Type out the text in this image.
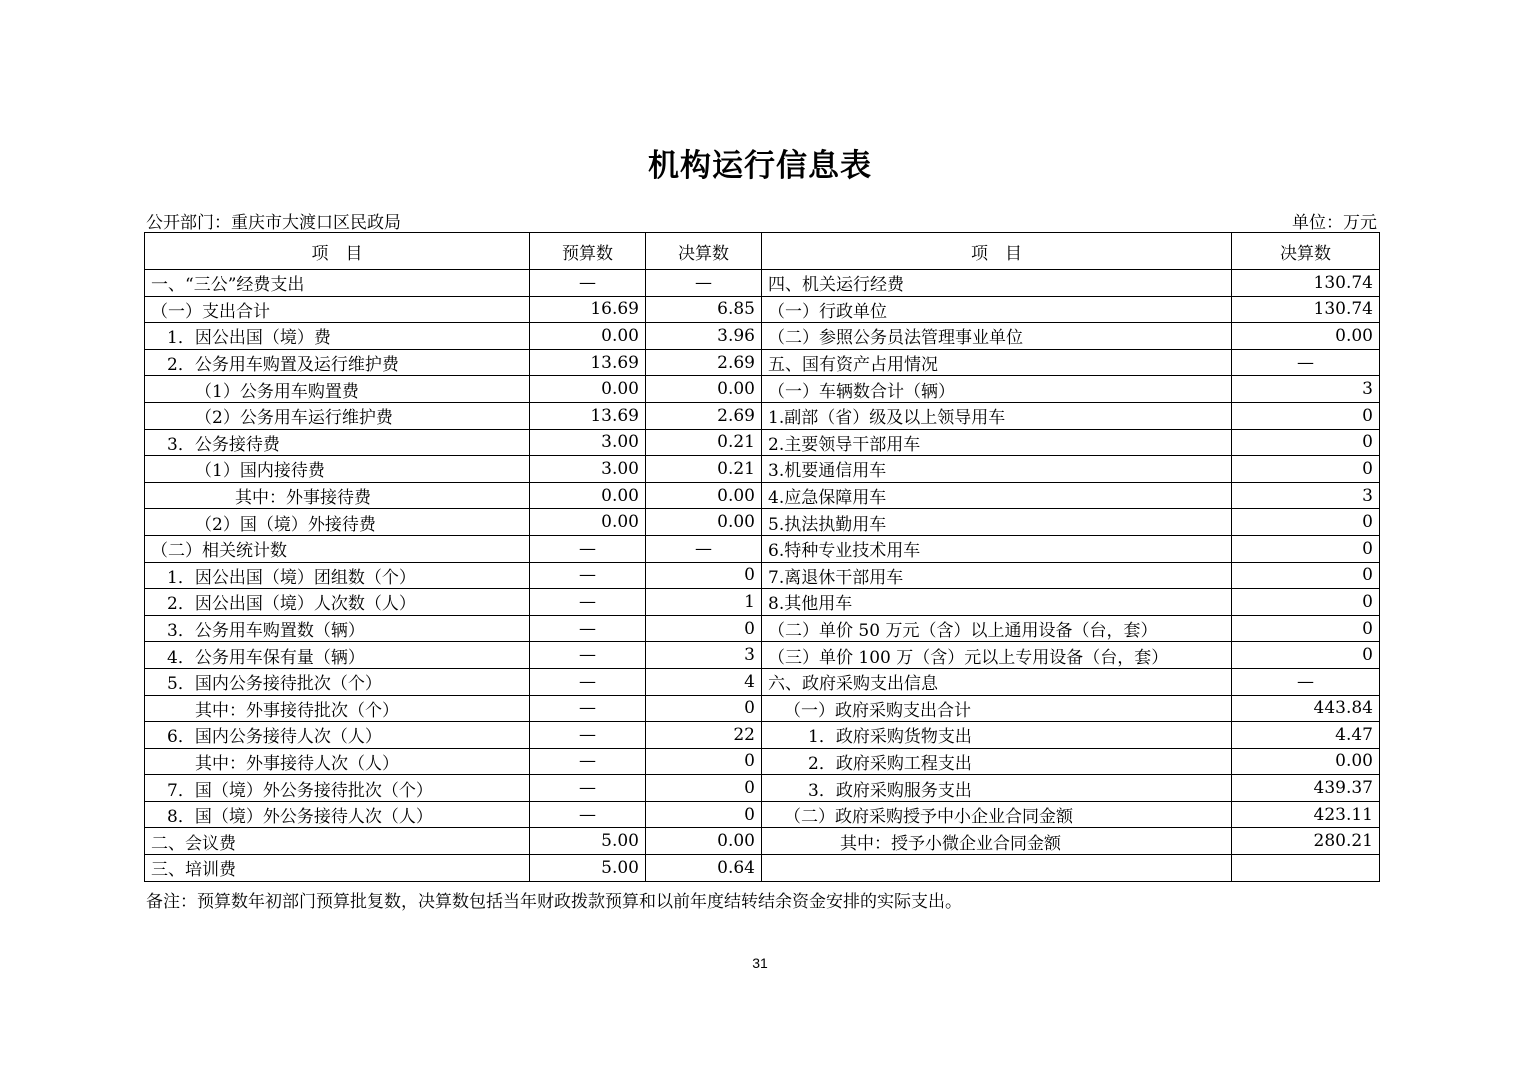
机构运行信息表
公开部门：重庆市大渡口区民政局	单位：万元
项　目	预算数	决算数	项　目	决算数
一、“三公”经费支出	—	—	四、机关运行经费	130.74
（一）支出合计	16.69	6.85	（一）行政单位	130.74
1．因公出国（境）费	0.00	3.96	（二）参照公务员法管理事业单位	0.00
2．公务用车购置及运行维护费	13.69	2.69	五、国有资产占用情况	—
（1）公务用车购置费	0.00	0.00	（一）车辆数合计（辆）	3
（2）公务用车运行维护费	13.69	2.69	1.副部（省）级及以上领导用车	0
3．公务接待费	3.00	0.21	2.主要领导干部用车	0
（1）国内接待费	3.00	0.21	3.机要通信用车	0
其中：外事接待费	0.00	0.00	4.应急保障用车	3
（2）国（境）外接待费	0.00	0.00	5.执法执勤用车	0
（二）相关统计数	—	—	6.特种专业技术用车	0
1．因公出国（境）团组数（个）	—	0	7.离退休干部用车	0
2．因公出国（境）人次数（人）	—	1	8.其他用车	0
3．公务用车购置数（辆）	—	0	（二）单价 50 万元（含）以上通用设备（台，套）	0
4．公务用车保有量（辆）	—	3	（三）单价 100 万（含）元以上专用设备（台，套）	0
5．国内公务接待批次（个）	—	4	六、政府采购支出信息	—
其中：外事接待批次（个）	—	0	（一）政府采购支出合计	443.84
6．国内公务接待人次（人）	—	22	1．政府采购货物支出	4.47
其中：外事接待人次（人）	—	0	2．政府采购工程支出	0.00
7．国（境）外公务接待批次（个）	—	0	3．政府采购服务支出	439.37
8．国（境）外公务接待人次（人）	—	0	（二）政府采购授予中小企业合同金额	423.11
二、会议费	5.00	0.00	其中：授予小微企业合同金额	280.21
三、培训费	5.00	0.64		
备注：预算数年初部门预算批复数，决算数包括当年财政拨款预算和以前年度结转结余资金安排的实际支出。
31
